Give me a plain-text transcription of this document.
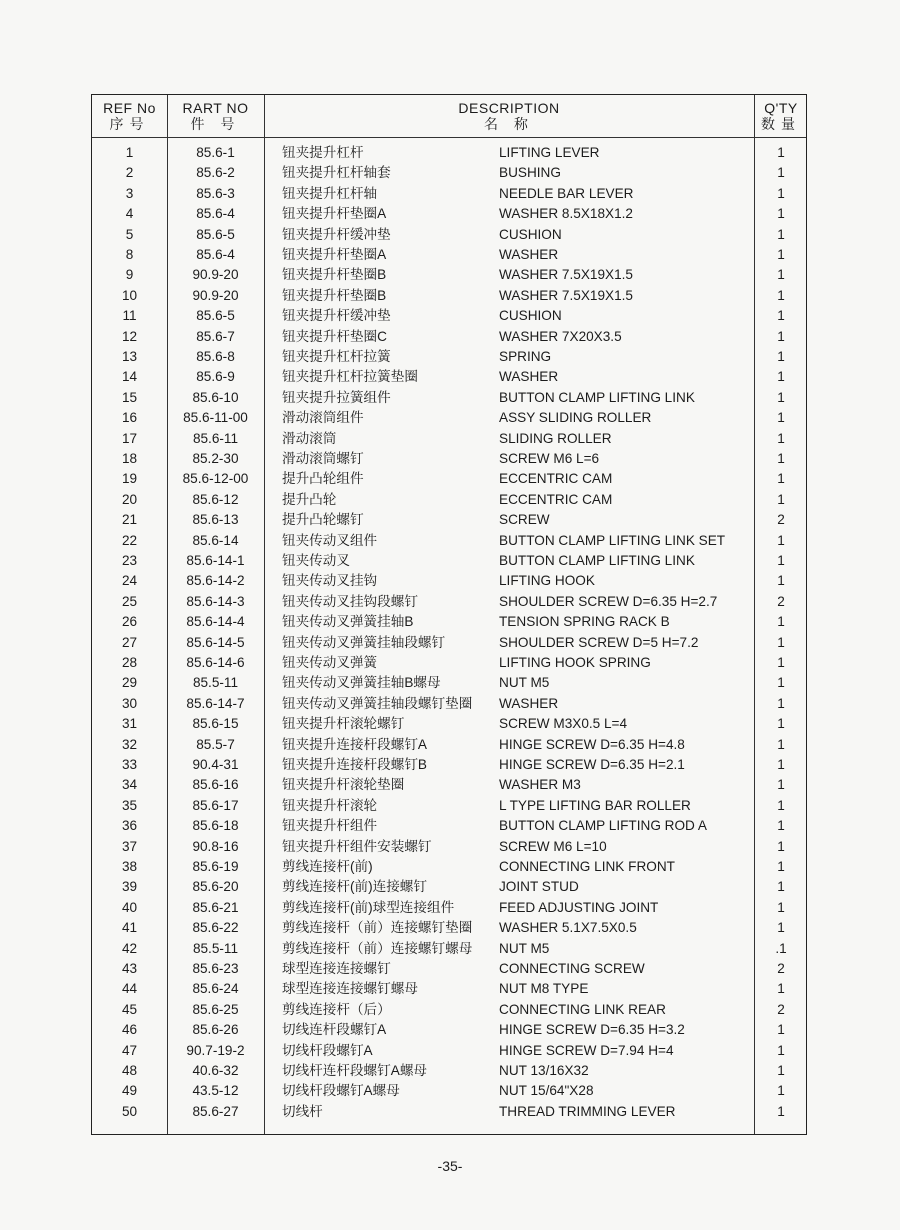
REF No
序号
RART NO
件 号
DESCRIPTION
名 称
Q'TY
数量
1	85.6-1	钮夹提升杠杆	LIFTING LEVER	1
2	85.6-2	钮夹提升杠杆轴套	BUSHING	1
3	85.6-3	钮夹提升杠杆轴	NEEDLE BAR LEVER	1
4	85.6-4	钮夹提升杆垫圈A	WASHER 8.5X18X1.2	1
5	85.6-5	钮夹提升杆缓冲垫	CUSHION	1
8	85.6-4	钮夹提升杆垫圈A	WASHER	1
9	90.9-20	钮夹提升杆垫圈B	WASHER 7.5X19X1.5	1
10	90.9-20	钮夹提升杆垫圈B	WASHER 7.5X19X1.5	1
11	85.6-5	钮夹提升杆缓冲垫	CUSHION	1
12	85.6-7	钮夹提升杆垫圈C	WASHER 7X20X3.5	1
13	85.6-8	钮夹提升杠杆拉簧	SPRING	1
14	85.6-9	钮夹提升杠杆拉簧垫圈	WASHER	1
15	85.6-10	钮夹提升拉簧组件	BUTTON CLAMP LIFTING LINK	1
16	85.6-11-00	滑动滚筒组件	ASSY SLIDING ROLLER	1
17	85.6-11	滑动滚筒	SLIDING ROLLER	1
18	85.2-30	滑动滚筒螺钉	SCREW M6 L=6	1
19	85.6-12-00	提升凸轮组件	ECCENTRIC CAM	1
20	85.6-12	提升凸轮	ECCENTRIC CAM	1
21	85.6-13	提升凸轮螺钉	SCREW	2
22	85.6-14	钮夹传动叉组件	BUTTON CLAMP LIFTING LINK SET	1
23	85.6-14-1	钮夹传动叉	BUTTON CLAMP LIFTING LINK	1
24	85.6-14-2	钮夹传动叉挂钩	LIFTING HOOK	1
25	85.6-14-3	钮夹传动叉挂钩段螺钉	SHOULDER SCREW D=6.35 H=2.7	2
26	85.6-14-4	钮夹传动叉弹簧挂轴B	TENSION SPRING RACK B	1
27	85.6-14-5	钮夹传动叉弹簧挂轴段螺钉	SHOULDER SCREW D=5 H=7.2	1
28	85.6-14-6	钮夹传动叉弹簧	LIFTING HOOK SPRING	1
29	85.5-11	钮夹传动叉弹簧挂轴B螺母	NUT M5	1
30	85.6-14-7	钮夹传动叉弹簧挂轴段螺钉垫圈 WASHER	1
31	85.6-15	钮夹提升杆滚轮螺钉	SCREW M3X0.5 L=4	1
32	85.5-7	钮夹提升连接杆段螺钉A	HINGE SCREW D=6.35 H=4.8	1
33	90.4-31	钮夹提升连接杆段螺钉B	HINGE SCREW D=6.35 H=2.1	1
34	85.6-16	钮夹提升杆滚轮垫圈	WASHER M3	1
35	85.6-17	钮夹提升杆滚轮	L TYPE LIFTING BAR ROLLER	1
36	85.6-18	钮夹提升杆组件	BUTTON CLAMP LIFTING ROD A	1
37	90.8-16	钮夹提升杆组件安装螺钉	SCREW M6 L=10	1
38	85.6-19	剪线连接杆(前)	CONNECTING LINK FRONT	1
39	85.6-20	剪线连接杆(前)连接螺钉	JOINT STUD	1
40	85.6-21	剪线连接杆(前)球型连接组件	FEED ADJUSTING JOINT	1
41	85.6-22	剪线连接杆（前）连接螺钉垫圈 WASHER 5.1X7.5X0.5	1
42	85.5-11	剪线连接杆（前）连接螺钉螺母 NUT M5	.1
43	85.6-23	球型连接连接螺钉	CONNECTING SCREW	2
44	85.6-24	球型连接连接螺钉螺母	NUT M8 TYPE	1
45	85.6-25	剪线连接杆（后）	CONNECTING LINK REAR	2
46	85.6-26	切线连杆段螺钉A	HINGE SCREW D=6.35 H=3.2	1
47	90.7-19-2	切线杆段螺钉A	HINGE SCREW D=7.94 H=4	1
48	40.6-32	切线杆连杆段螺钉A螺母	NUT 13/16X32	1
49	43.5-12	切线杆段螺钉A螺母	NUT 15/64"X28	1
50	85.6-27	切线杆	THREAD TRIMMING LEVER	1
-35-
